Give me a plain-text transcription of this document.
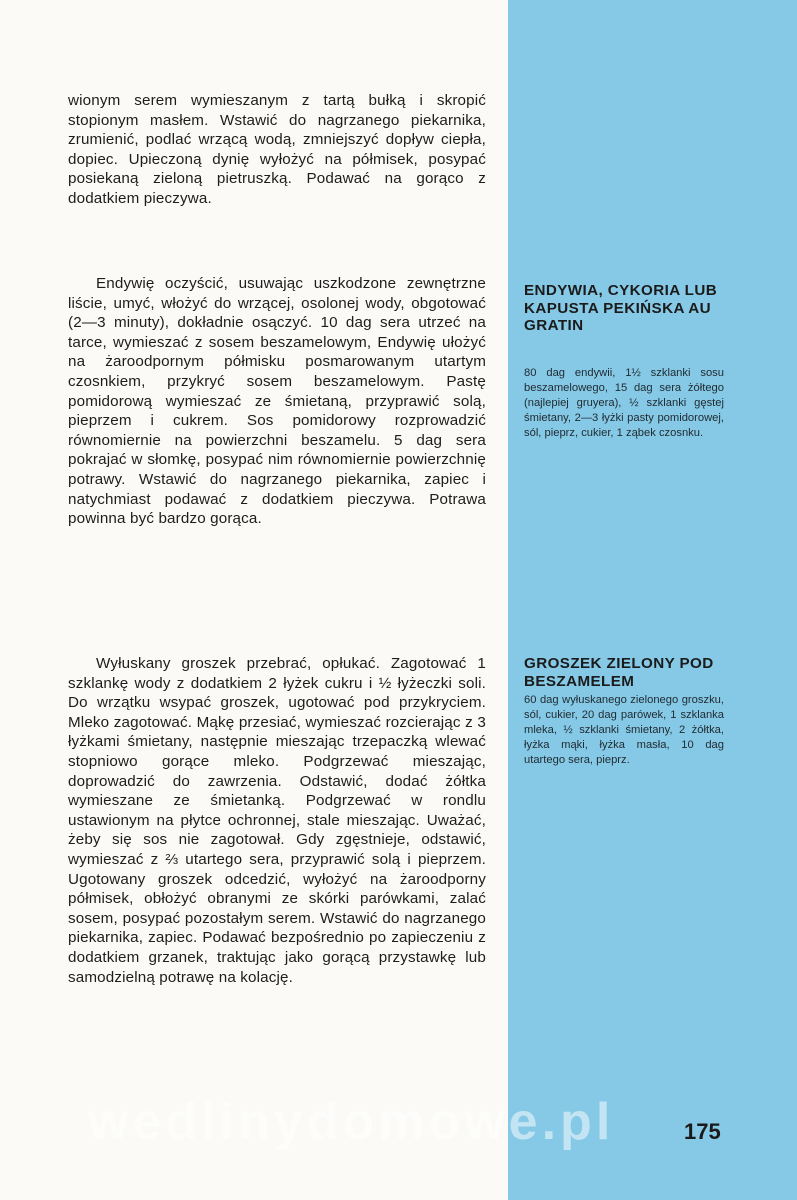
wionym serem wymieszanym z tartą bułką i skropić stopionym masłem. Wstawić do nagrzanego piekarnika, zrumienić, podlać wrzącą wodą, zmniejszyć dopływ ciepła, dopiec. Upieczoną dynię wyłożyć na półmisek, posypać posiekaną zieloną pietruszką. Podawać na gorąco z dodatkiem pieczywa.
Endywię oczyścić, usuwając uszkodzone zewnętrzne liście, umyć, włożyć do wrzącej, osolonej wody, obgotować (2—3 minuty), dokładnie osączyć. 10 dag sera utrzeć na tarce, wymieszać z sosem beszamelowym, Endywię ułożyć na żaroodpornym półmisku posmarowanym utartym czosnkiem, przykryć sosem beszamelowym. Pastę pomidorową wymieszać ze śmietaną, przyprawić solą, pieprzem i cukrem. Sos pomidorowy rozprowadzić równomiernie na powierzchni beszamelu. 5 dag sera pokrajać w słomkę, posypać nim równomiernie powierzchnię potrawy. Wstawić do nagrzanego piekarnika, zapiec i natychmiast podawać z dodatkiem pieczywa. Potrawa powinna być bardzo gorąca.
Wyłuskany groszek przebrać, opłukać. Zagotować 1 szklankę wody z dodatkiem 2 łyżek cukru i ½ łyżeczki soli. Do wrzątku wsypać groszek, ugotować pod przykryciem. Mleko zagotować. Mąkę przesiać, wymieszać rozcierając z 3 łyżkami śmietany, następnie mieszając trzepaczką wlewać stopniowo gorące mleko. Podgrzewać mieszając, doprowadzić do zawrzenia. Odstawić, dodać żółtka wymieszane ze śmietanką. Podgrzewać w rondlu ustawionym na płytce ochronnej, stale mieszając. Uważać, żeby się sos nie zagotował. Gdy zgęstnieje, odstawić, wymieszać z ⅔ utartego sera, przyprawić solą i pieprzem. Ugotowany groszek odcedzić, wyłożyć na żaroodporny półmisek, obłożyć obranymi ze skórki parówkami, zalać sosem, posypać pozostałym serem. Wstawić do nagrzanego piekarnika, zapiec. Podawać bezpośrednio po zapieczeniu z dodatkiem grzanek, traktując jako gorącą przystawkę lub samodzielną potrawę na kolację.
ENDYWIA, CYKORIA LUB KAPUSTA PEKIŃSKA AU GRATIN
80 dag endywii, 1½ szklanki sosu beszamelowego, 15 dag sera żółtego (najlepiej gruyera), ½ szklanki gęstej śmietany, 2—3 łyżki pasty pomidorowej, sól, pieprz, cukier, 1 ząbek czosnku.
GROSZEK ZIELONY POD BESZAMELEM
60 dag wyłuskanego zielonego groszku, sól, cukier, 20 dag parówek, 1 szklanka mleka, ½ szklanki śmietany, 2 żółtka, łyżka mąki, łyżka masła, 10 dag utartego sera, pieprz.
wedlinydomowe.pl	175
